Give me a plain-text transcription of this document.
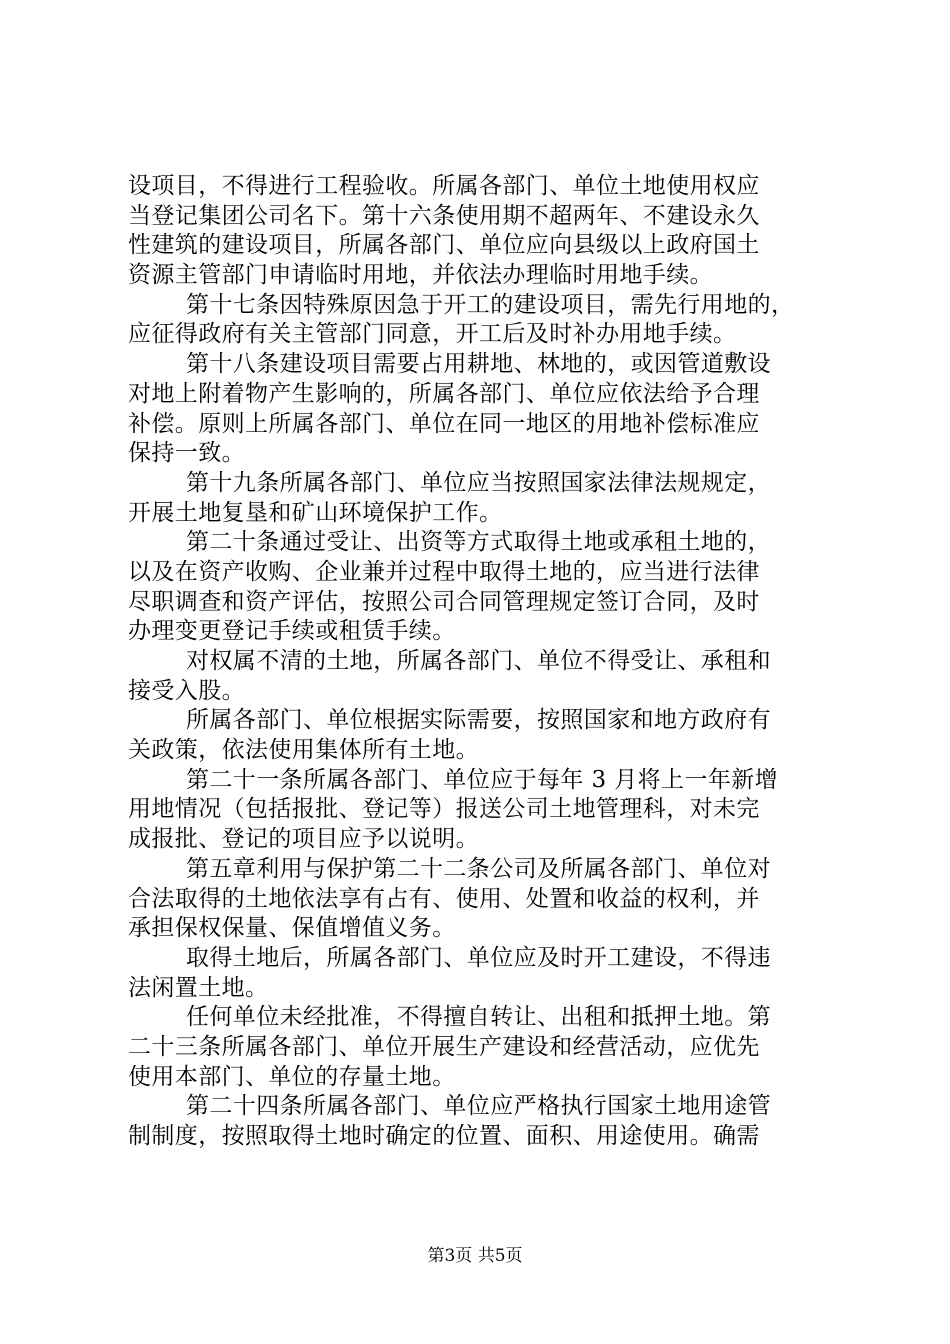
设项目，不得进行工程验收。所属各部门、单位土地使用权应
当登记集团公司名下。第十六条使用期不超两年、不建设永久
性建筑的建设项目，所属各部门、单位应向县级以上政府国土
资源主管部门申请临时用地，并依法办理临时用地手续。
第十七条因特殊原因急于开工的建设项目，需先行用地的，
应征得政府有关主管部门同意，开工后及时补办用地手续。
第十八条建设项目需要占用耕地、林地的，或因管道敷设
对地上附着物产生影响的，所属各部门、单位应依法给予合理
补偿。原则上所属各部门、单位在同一地区的用地补偿标准应
保持一致。
第十九条所属各部门、单位应当按照国家法律法规规定，
开展土地复垦和矿山环境保护工作。
第二十条通过受让、出资等方式取得土地或承租土地的，
以及在资产收购、企业兼并过程中取得土地的，应当进行法律
尽职调查和资产评估，按照公司合同管理规定签订合同，及时
办理变更登记手续或租赁手续。
对权属不清的土地，所属各部门、单位不得受让、承租和
接受入股。
所属各部门、单位根据实际需要，按照国家和地方政府有
关政策，依法使用集体所有土地。
第二十一条所属各部门、单位应于每年 3 月将上一年新增
用地情况（包括报批、登记等）报送公司土地管理科，对未完
成报批、登记的项目应予以说明。
第五章利用与保护第二十二条公司及所属各部门、单位对
合法取得的土地依法享有占有、使用、处置和收益的权利，并
承担保权保量、保值增值义务。
取得土地后，所属各部门、单位应及时开工建设，不得违
法闲置土地。
任何单位未经批准，不得擅自转让、出租和抵押土地。第
二十三条所属各部门、单位开展生产建设和经营活动，应优先
使用本部门、单位的存量土地。
第二十四条所属各部门、单位应严格执行国家土地用途管
制制度，按照取得土地时确定的位置、面积、用途使用。确需
第3页 共5页
